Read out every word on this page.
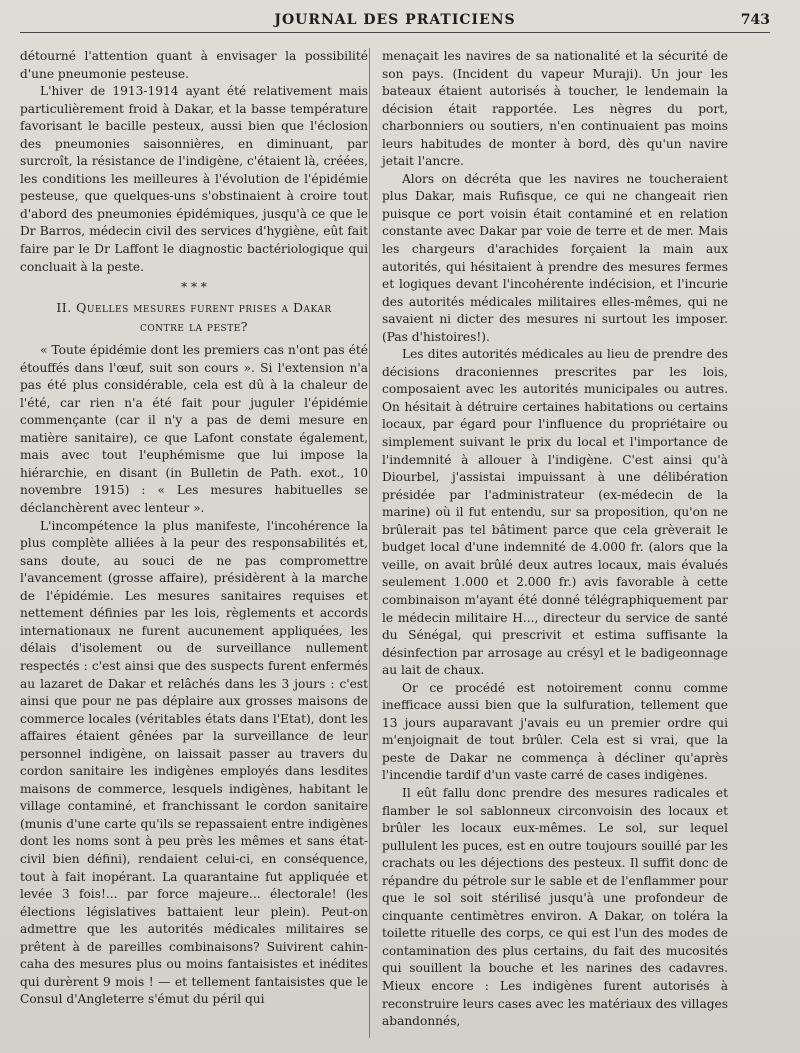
JOURNAL DES PRATICIENS	743

détourné l'attention quant à envisager la possibilité d'une pneumonie pesteuse.

L'hiver de 1913-1914 ayant été relativement mais particulièrement froid à Dakar, et la basse température favorisant le bacille pesteux, aussi bien que l'éclosion des pneumonies saisonnières, en diminuant, par surcroît, la résistance de l'indigène, c'étaient là, créées, les conditions les meilleures à l'évolution de l'épidémie pesteuse, que quelques-uns s'obstinaient à croire tout d'abord des pneumonies épidémiques, jusqu'à ce que le Dr Barros, médecin civil des services d'hygiène, eût fait faire par le Dr Laffont le diagnostic bactériologique qui concluait à la peste.

* * *
II. Quelles mesures furent prises a Dakar
contre la peste?

« Toute épidémie dont les premiers cas n'ont pas été étouffés dans l'œuf, suit son cours ». Si l'extension n'a pas été plus considérable, cela est dû à la chaleur de l'été, car rien n'a été fait pour juguler l'épidémie commençante (car il n'y a pas de demi mesure en matière sanitaire), ce que Lafont constate également, mais avec tout l'euphémisme que lui impose la hiérarchie, en disant (in Bulletin de Path. exot., 10 novembre 1915) : « Les mesures habituelles se déclanchèrent avec lenteur ».

L'incompétence la plus manifeste, l'incohérence la plus complète alliées à la peur des responsabilités et, sans doute, au souci de ne pas compromettre l'avancement (grosse affaire), présidèrent à la marche de l'épidémie. Les mesures sanitaires requises et nettement définies par les lois, règlements et accords internationaux ne furent aucunement appliquées, les délais d'isolement ou de surveillance nullement respectés : c'est ainsi que des suspects furent enfermés au lazaret de Dakar et relâchés dans les 3 jours : c'est ainsi que pour ne pas déplaire aux grosses maisons de commerce locales (véritables états dans l'Etat), dont les affaires étaient gênées par la surveillance de leur personnel indigène, on laissait passer au travers du cordon sanitaire les indigènes employés dans lesdites maisons de commerce, lesquels indigènes, habitant le village contaminé, et franchissant le cordon sanitaire (munis d'une carte qu'ils se repassaient entre indigènes dont les noms sont à peu près les mêmes et sans état-civil bien défini), rendaient celui-ci, en conséquence, tout à fait inopérant. La quarantaine fut appliquée et levée 3 fois!... par force majeure... électorale! (les élections législatives battaient leur plein). Peut-on admettre que les autorités médicales militaires se prêtent à de pareilles combinaisons? Suivirent cahin-caha des mesures plus ou moins fantaisistes et inédites qui durèrent 9 mois ! — et tellement fantaisistes que le Consul d'Angleterre s'émut du péril qui

menaçait les navires de sa nationalité et la sécurité de son pays. (Incident du vapeur Muraji). Un jour les bateaux étaient autorisés à toucher, le lendemain la décision était rapportée. Les nègres du port, charbonniers ou soutiers, n'en continuaient pas moins leurs habitudes de monter à bord, dès qu'un navire jetait l'ancre.

Alors on décréta que les navires ne toucheraient plus Dakar, mais Rufisque, ce qui ne changeait rien puisque ce port voisin était contaminé et en relation constante avec Dakar par voie de terre et de mer. Mais les chargeurs d'arachides forçaient la main aux autorités, qui hésitaient à prendre des mesures fermes et logiques devant l'incohérente indécision, et l'incurie des autorités médicales militaires elles-mêmes, qui ne savaient ni dicter des mesures ni surtout les imposer. (Pas d'histoires!).

Les dites autorités médicales au lieu de prendre des décisions draconiennes prescrites par les lois, composaient avec les autorités municipales ou autres. On hésitait à détruire certaines habitations ou certains locaux, par égard pour l'influence du propriétaire ou simplement suivant le prix du local et l'importance de l'indemnité à allouer à l'indigène. C'est ainsi qu'à Diourbel, j'assistai impuissant à une délibération présidée par l'administrateur (ex-médecin de la marine) où il fut entendu, sur sa proposition, qu'on ne brûlerait pas tel bâtiment parce que cela grèverait le budget local d'une indemnité de 4.000 fr. (alors que la veille, on avait brûlé deux autres locaux, mais évalués seulement 1.000 et 2.000 fr.) avis favorable à cette combinaison m'ayant été donné télégraphiquement par le médecin militaire H..., directeur du service de santé du Sénégal, qui prescrivit et estima suffisante la désinfection par arrosage au crésyl et le badigeonnage au lait de chaux.

Or ce procédé est notoirement connu comme inefficace aussi bien que la sulfuration, tellement que 13 jours auparavant j'avais eu un premier ordre qui m'enjoignait de tout brûler. Cela est si vrai, que la peste de Dakar ne commença à décliner qu'après l'incendie tardif d'un vaste carré de cases indigènes.

Il eût fallu donc prendre des mesures radicales et flamber le sol sablonneux circonvoisin des locaux et brûler les locaux eux-mêmes. Le sol, sur lequel pullulent les puces, est en outre toujours souillé par les crachats ou les déjections des pesteux. Il suffit donc de répandre du pétrole sur le sable et de l'enflammer pour que le sol soit stérilisé jusqu'à une profondeur de cinquante centimètres environ. A Dakar, on toléra la toilette rituelle des corps, ce qui est l'un des modes de contamination des plus certains, du fait des mucosités qui souillent la bouche et les narines des cadavres. Mieux encore : Les indigènes furent autorisés à reconstruire leurs cases avec les matériaux des villages abandonnés,
